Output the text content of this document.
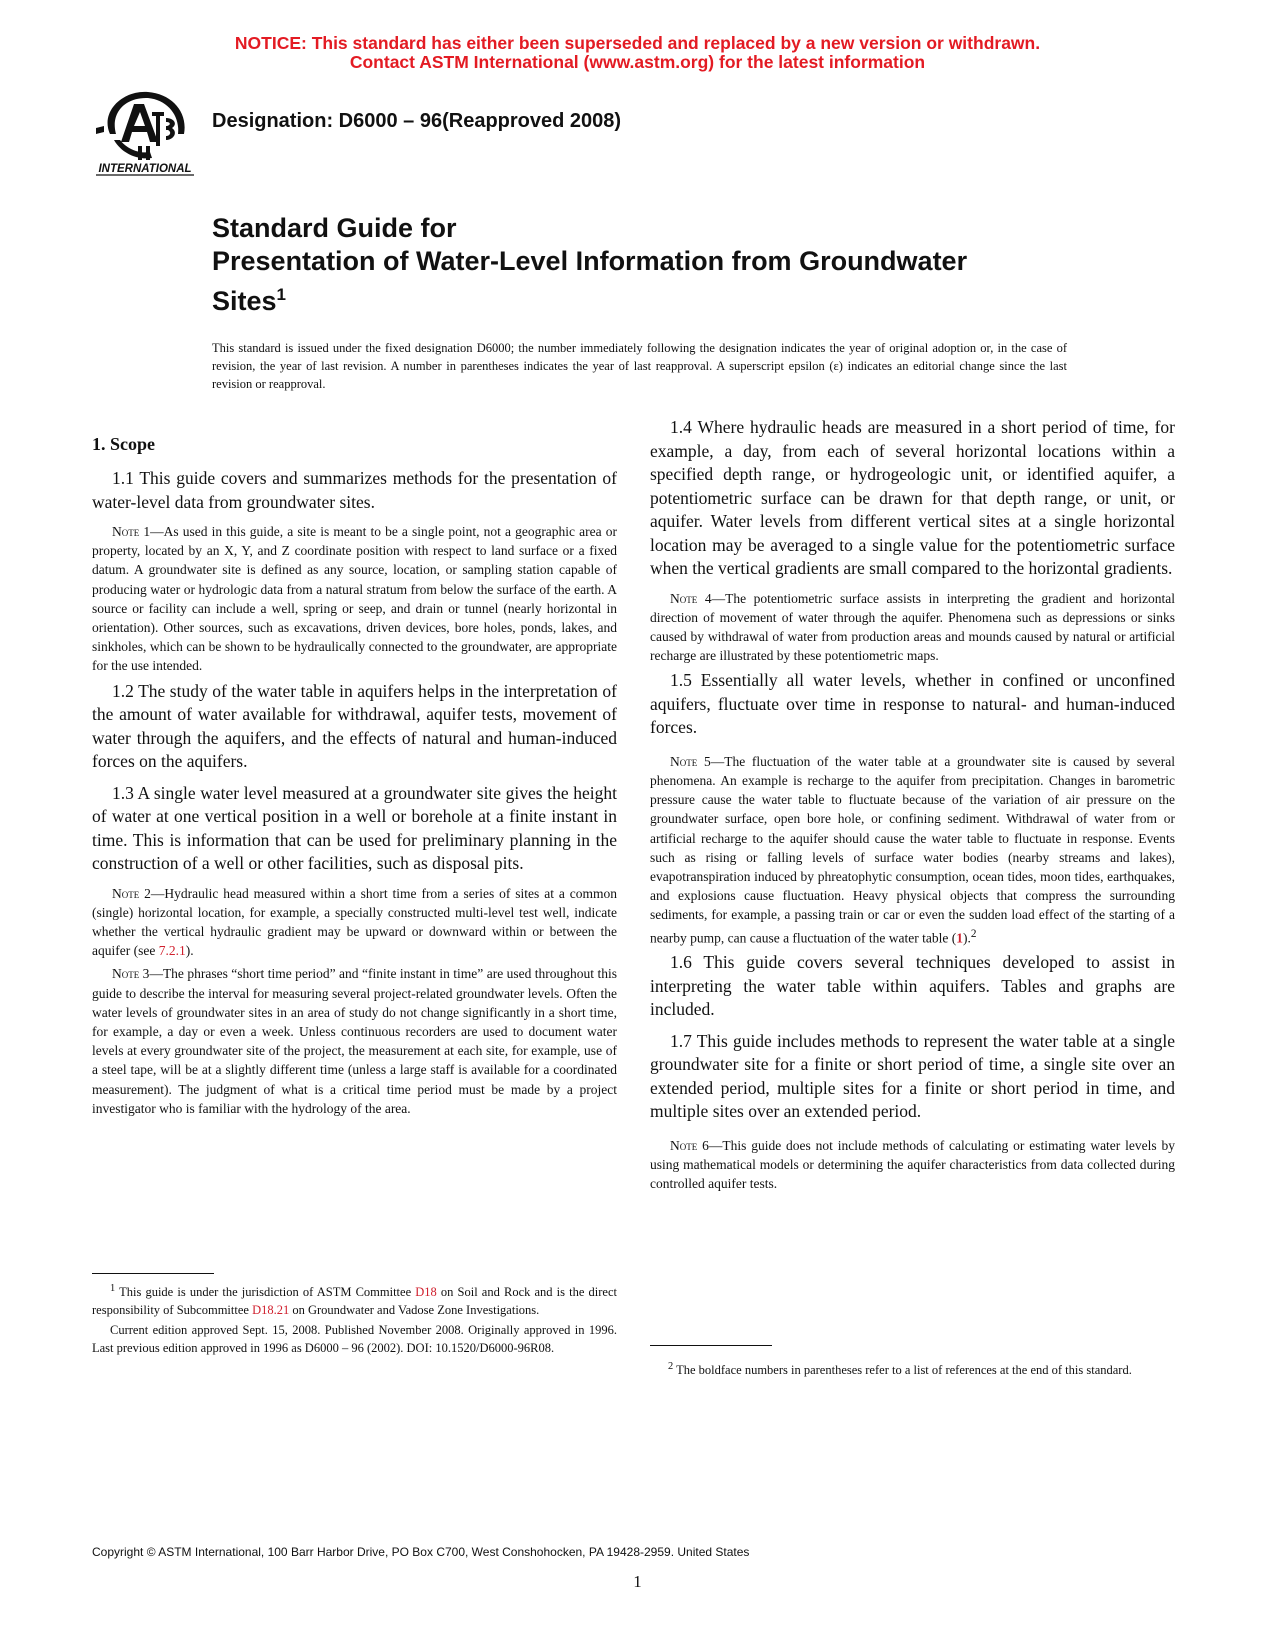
NOTICE: This standard has either been superseded and replaced by a new version or withdrawn.
Contact ASTM International (www.astm.org) for the latest information
INTERNATIONAL
Designation: D6000 – 96(Reapproved 2008)
Standard Guide for
Presentation of Water-Level Information from Groundwater
Sites$^1$
This standard is issued under the fixed designation D6000; the number immediately following the designation indicates the year of original adoption or, in the case of revision, the year of last revision. A number in parentheses indicates the year of last reapproval. A superscript epsilon (ε) indicates an editorial change since the last revision or reapproval.
1. Scope

1.1 This guide covers and summarizes methods for the presentation of water-level data from groundwater sites.

Note 1—As used in this guide, a site is meant to be a single point, not a geographic area or property, located by an X, Y, and Z coordinate position with respect to land surface or a fixed datum. A groundwater site is defined as any source, location, or sampling station capable of producing water or hydrologic data from a natural stratum from below the surface of the earth. A source or facility can include a well, spring or seep, and drain or tunnel (nearly horizontal in orientation). Other sources, such as excavations, driven devices, bore holes, ponds, lakes, and sinkholes, which can be shown to be hydraulically connected to the groundwater, are appropriate for the use intended.

1.2 The study of the water table in aquifers helps in the interpretation of the amount of water available for withdrawal, aquifer tests, movement of water through the aquifers, and the effects of natural and human-induced forces on the aquifers.

1.3 A single water level measured at a groundwater site gives the height of water at one vertical position in a well or borehole at a finite instant in time. This is information that can be used for preliminary planning in the construction of a well or other facilities, such as disposal pits.

Note 2—Hydraulic head measured within a short time from a series of sites at a common (single) horizontal location, for example, a specially constructed multi-level test well, indicate whether the vertical hydraulic gradient may be upward or downward within or between the aquifer (see 7.2.1).

Note 3—The phrases “short time period” and “finite instant in time” are used throughout this guide to describe the interval for measuring several project-related groundwater levels. Often the water levels of groundwater sites in an area of study do not change significantly in a short time, for example, a day or even a week. Unless continuous recorders are used to document water levels at every groundwater site of the project, the measurement at each site, for example, use of a steel tape, will be at a slightly different time (unless a large staff is available for a coordinated measurement). The judgment of what is a critical time period must be made by a project investigator who is familiar with the hydrology of the area.

$^1$ This guide is under the jurisdiction of ASTM Committee D18 on Soil and Rock and is the direct responsibility of Subcommittee D18.21 on Groundwater and Vadose Zone Investigations.

Current edition approved Sept. 15, 2008. Published November 2008. Originally approved in 1996. Last previous edition approved in 1996 as D6000 – 96 (2002). DOI: 10.1520/D6000-96R08.

1.4 Where hydraulic heads are measured in a short period of time, for example, a day, from each of several horizontal locations within a specified depth range, or hydrogeologic unit, or identified aquifer, a potentiometric surface can be drawn for that depth range, or unit, or aquifer. Water levels from different vertical sites at a single horizontal location may be averaged to a single value for the potentiometric surface when the vertical gradients are small compared to the horizontal gradients.

Note 4—The potentiometric surface assists in interpreting the gradient and horizontal direction of movement of water through the aquifer. Phenomena such as depressions or sinks caused by withdrawal of water from production areas and mounds caused by natural or artificial recharge are illustrated by these potentiometric maps.

1.5 Essentially all water levels, whether in confined or unconfined aquifers, fluctuate over time in response to natural- and human-induced forces.

Note 5—The fluctuation of the water table at a groundwater site is caused by several phenomena. An example is recharge to the aquifer from precipitation. Changes in barometric pressure cause the water table to fluctuate because of the variation of air pressure on the groundwater surface, open bore hole, or confining sediment. Withdrawal of water from or artificial recharge to the aquifer should cause the water table to fluctuate in response. Events such as rising or falling levels of surface water bodies (nearby streams and lakes), evapotranspiration induced by phreatophytic consumption, ocean tides, moon tides, earthquakes, and explosions cause fluctuation. Heavy physical objects that compress the surrounding sediments, for example, a passing train or car or even the sudden load effect of the starting of a nearby pump, can cause a fluctuation of the water table (1).$^2$

1.6 This guide covers several techniques developed to assist in interpreting the water table within aquifers. Tables and graphs are included.

1.7 This guide includes methods to represent the water table at a single groundwater site for a finite or short period of time, a single site over an extended period, multiple sites for a finite or short period in time, and multiple sites over an extended period.

Note 6—This guide does not include methods of calculating or estimating water levels by using mathematical models or determining the aquifer characteristics from data collected during controlled aquifer tests.

$^2$ The boldface numbers in parentheses refer to a list of references at the end of this standard.

Copyright © ASTM International, 100 Barr Harbor Drive, PO Box C700, West Conshohocken, PA 19428-2959. United States
1
